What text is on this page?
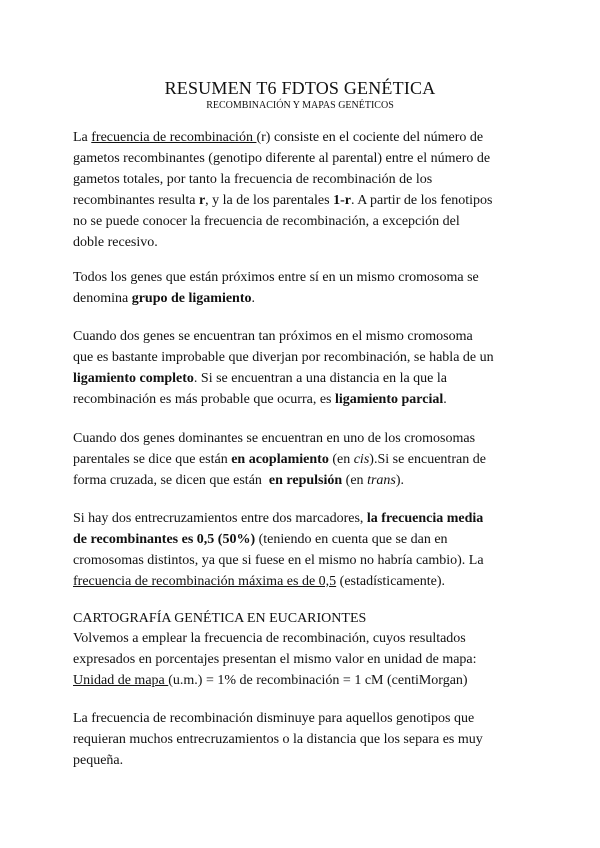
RESUMEN T6 FDTOS GENÉTICA
RECOMBINACIÓN Y MAPAS GENÉTICOS
La frecuencia de recombinación (r) consiste en el cociente del número de
gametos recombinantes (genotipo diferente al parental) entre el número de
gametos totales, por tanto la frecuencia de recombinación de los
recombinantes resulta r, y la de los parentales 1-r. A partir de los fenotipos
no se puede conocer la frecuencia de recombinación, a excepción del
doble recesivo.
Todos los genes que están próximos entre sí en un mismo cromosoma se
denomina grupo de ligamiento.
Cuando dos genes se encuentran tan próximos en el mismo cromosoma
que es bastante improbable que diverjan por recombinación, se habla de un
ligamiento completo. Si se encuentran a una distancia en la que la
recombinación es más probable que ocurra, es ligamiento parcial.
Cuando dos genes dominantes se encuentran en uno de los cromosomas
parentales se dice que están en acoplamiento (en cis).Si se encuentran de
forma cruzada, se dicen que están  en repulsión (en trans).
Si hay dos entrecruzamientos entre dos marcadores, la frecuencia media
de recombinantes es 0,5 (50%) (teniendo en cuenta que se dan en
cromosomas distintos, ya que si fuese en el mismo no habría cambio). La
frecuencia de recombinación máxima es de 0,5 (estadísticamente).
CARTOGRAFÍA GENÉTICA EN EUCARIONTES
Volvemos a emplear la frecuencia de recombinación, cuyos resultados
expresados en porcentajes presentan el mismo valor en unidad de mapa:
Unidad de mapa (u.m.) = 1% de recombinación = 1 cM (centiMorgan)
La frecuencia de recombinación disminuye para aquellos genotipos que
requieran muchos entrecruzamientos o la distancia que los separa es muy
pequeña.
